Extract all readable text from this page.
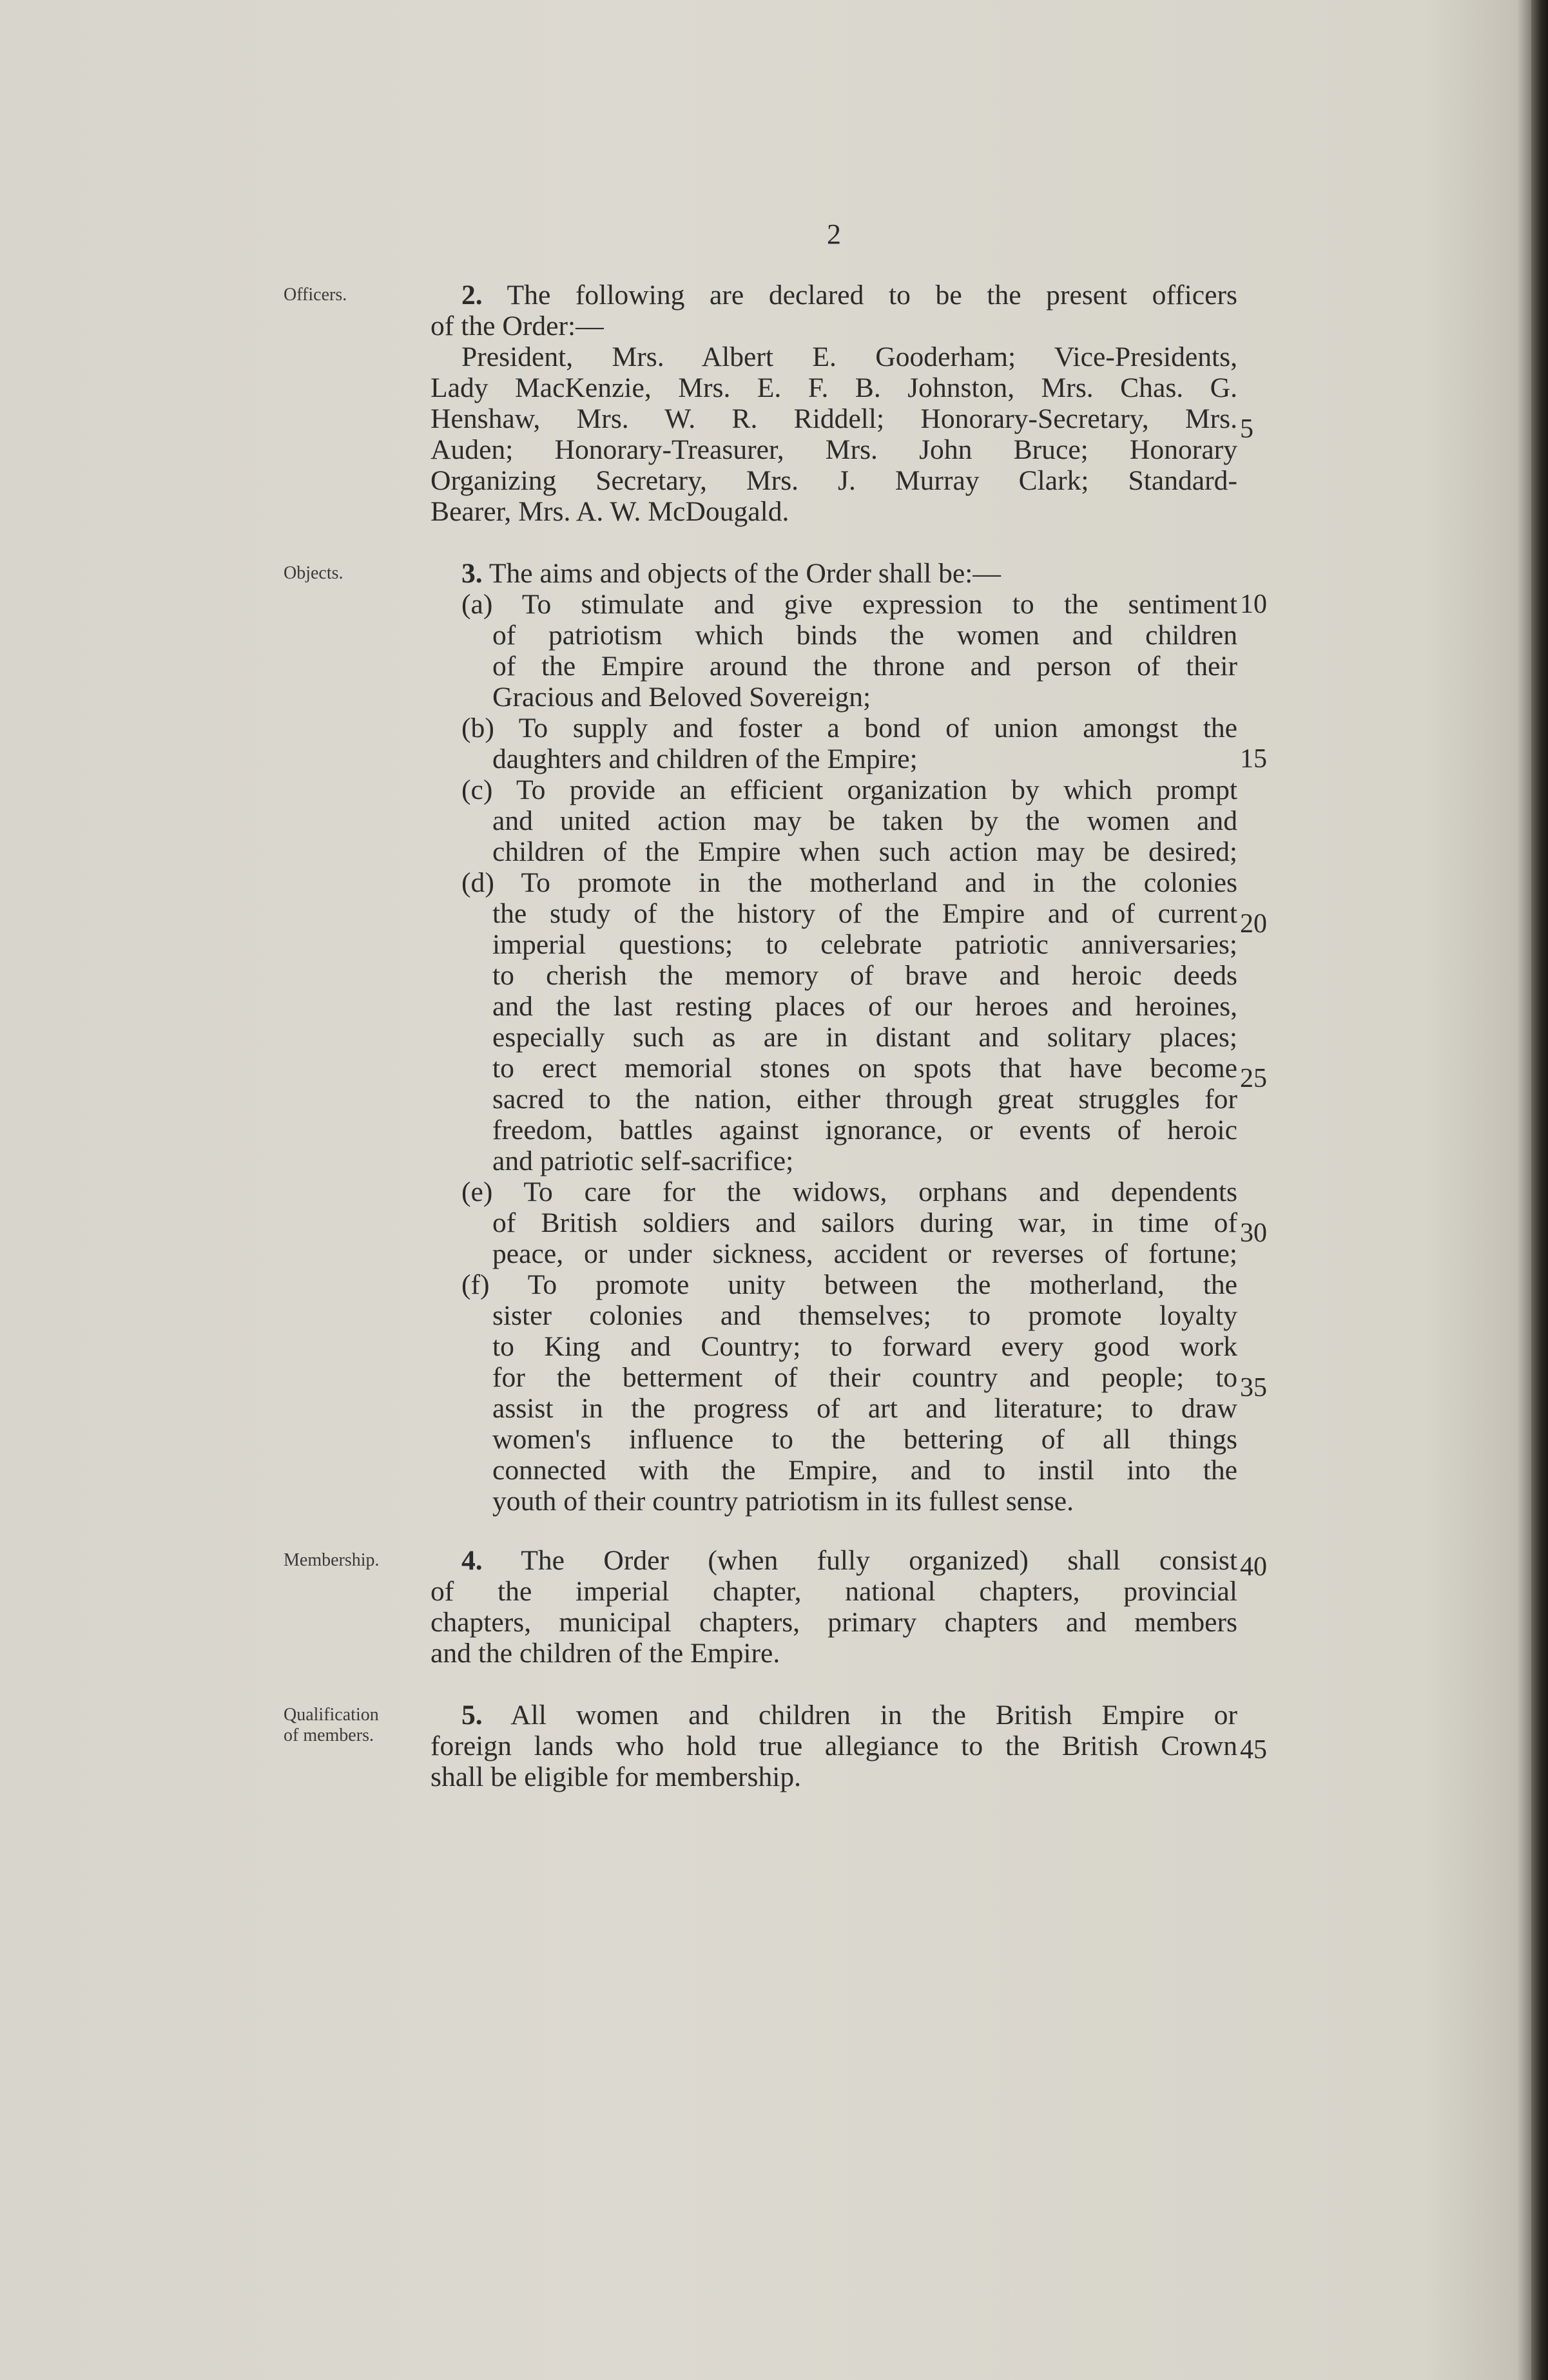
2
Officers.
Objects.
Membership.
Qualification
of members.
2. The following are declared to be the present officers
of the Order:—
President, Mrs. Albert E. Gooderham; Vice-Presidents,
Lady MacKenzie, Mrs. E. F. B. Johnston, Mrs. Chas. G.
Henshaw, Mrs. W. R. Riddell; Honorary-Secretary, Mrs.
Auden; Honorary-Treasurer, Mrs. John Bruce; Honorary
Organizing Secretary, Mrs. J. Murray Clark; Standard-
Bearer, Mrs. A. W. McDougald.
3. The aims and objects of the Order shall be:—
(a) To stimulate and give expression to the sentiment
of patriotism which binds the women and children
of the Empire around the throne and person of their
Gracious and Beloved Sovereign;
(b) To supply and foster a bond of union amongst the
daughters and children of the Empire;
(c) To provide an efficient organization by which prompt
and united action may be taken by the women and
children of the Empire when such action may be desired;
(d) To promote in the motherland and in the colonies
the study of the history of the Empire and of current
imperial questions; to celebrate patriotic anniversaries;
to cherish the memory of brave and heroic deeds
and the last resting places of our heroes and heroines,
especially such as are in distant and solitary places;
to erect memorial stones on spots that have become
sacred to the nation, either through great struggles for
freedom, battles against ignorance, or events of heroic
and patriotic self-sacrifice;
(e) To care for the widows, orphans and dependents
of British soldiers and sailors during war, in time of
peace, or under sickness, accident or reverses of fortune;
(f) To promote unity between the motherland, the
sister colonies and themselves; to promote loyalty
to King and Country; to forward every good work
for the betterment of their country and people; to
assist in the progress of art and literature; to draw
women's influence to the bettering of all things
connected with the Empire, and to instil into the
youth of their country patriotism in its fullest sense.
4. The Order (when fully organized) shall consist
of the imperial chapter, national chapters, provincial
chapters, municipal chapters, primary chapters and members
and the children of the Empire.
5. All women and children in the British Empire or
foreign lands who hold true allegiance to the British Crown
shall be eligible for membership.
5
10
15
20
25
30
35
40
45
